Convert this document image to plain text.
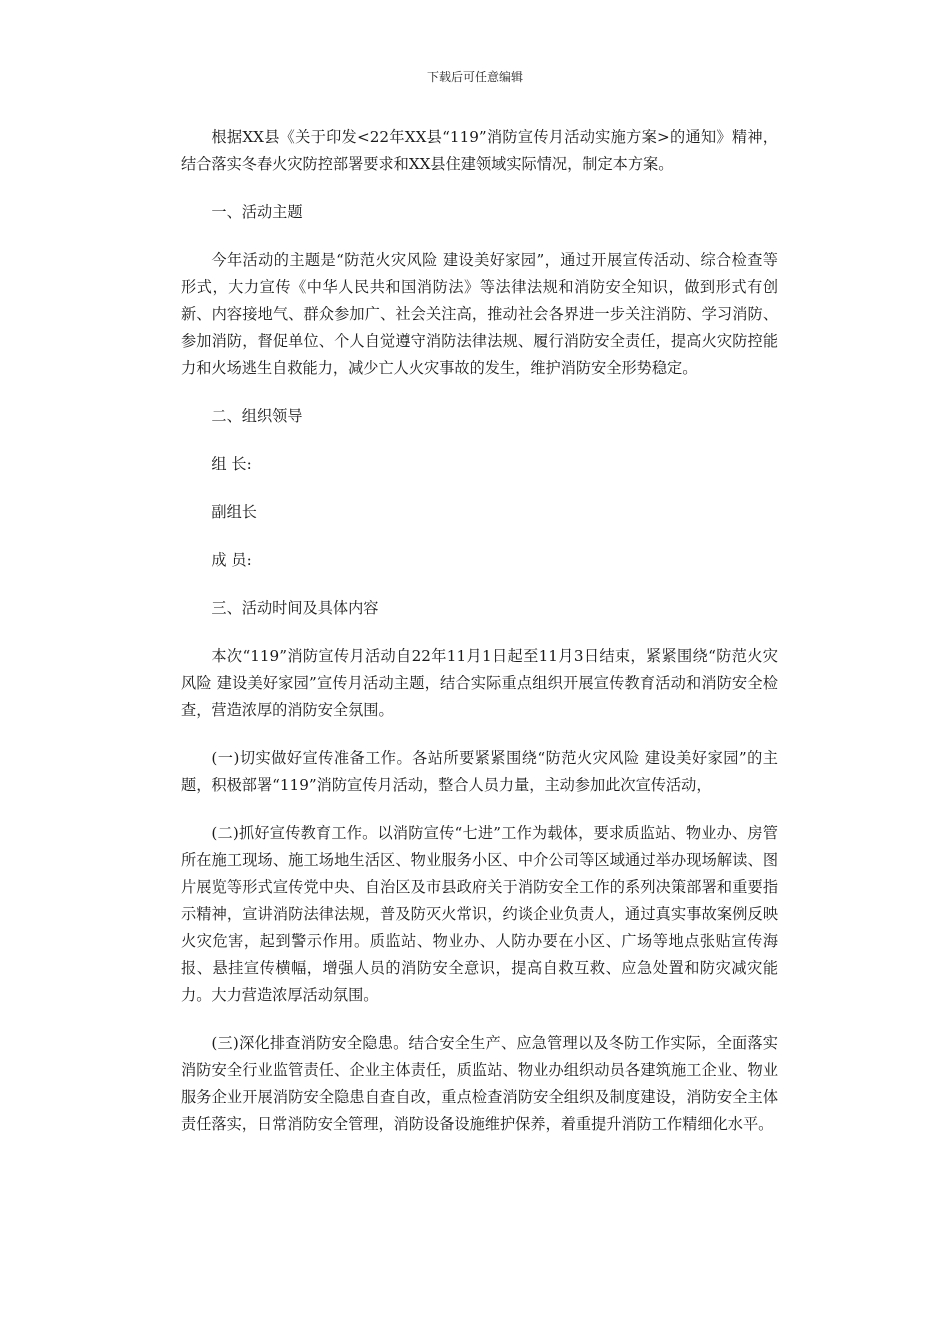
下载后可任意编辑

根据XX县《关于印发<22年XX县“119”消防宣传月活动实施方案>的通知》精神，结合落实冬春火灾防控部署要求和XX县住建领域实际情况，制定本方案。

一、活动主题

今年活动的主题是“防范火灾风险 建设美好家园”，通过开展宣传活动、综合检查等形式，大力宣传《中华人民共和国消防法》等法律法规和消防安全知识，做到形式有创新、内容接地气、群众参加广、社会关注高，推动社会各界进一步关注消防、学习消防、参加消防，督促单位、个人自觉遵守消防法律法规、履行消防安全责任，提高火灾防控能力和火场逃生自救能力，减少亡人火灾事故的发生，维护消防安全形势稳定。

二、组织领导

组 长:

副组长

成 员:

三、活动时间及具体内容

本次“119”消防宣传月活动自22年11月1日起至11月3日结束，紧紧围绕“防范火灾风险 建设美好家园”宣传月活动主题，结合实际重点组织开展宣传教育活动和消防安全检查，营造浓厚的消防安全氛围。

(一)切实做好宣传准备工作。各站所要紧紧围绕“防范火灾风险 建设美好家园”的主题，积极部署“119”消防宣传月活动，整合人员力量，主动参加此次宣传活动，

(二)抓好宣传教育工作。以消防宣传“七进”工作为载体，要求质监站、物业办、房管所在施工现场、施工场地生活区、物业服务小区、中介公司等区域通过举办现场解读、图片展览等形式宣传党中央、自治区及市县政府关于消防安全工作的系列决策部署和重要指示精神，宣讲消防法律法规，普及防灭火常识，约谈企业负责人，通过真实事故案例反映火灾危害，起到警示作用。质监站、物业办、人防办要在小区、广场等地点张贴宣传海报、悬挂宣传横幅，增强人员的消防安全意识，提高自救互救、应急处置和防灾减灾能力。大力营造浓厚活动氛围。

(三)深化排查消防安全隐患。结合安全生产、应急管理以及冬防工作实际，全面落实消防安全行业监管责任、企业主体责任，质监站、物业办组织动员各建筑施工企业、物业服务企业开展消防安全隐患自查自改，重点检查消防安全组织及制度建设，消防安全主体责任落实，日常消防安全管理，消防设备设施维护保养，着重提升消防工作精细化水平。
